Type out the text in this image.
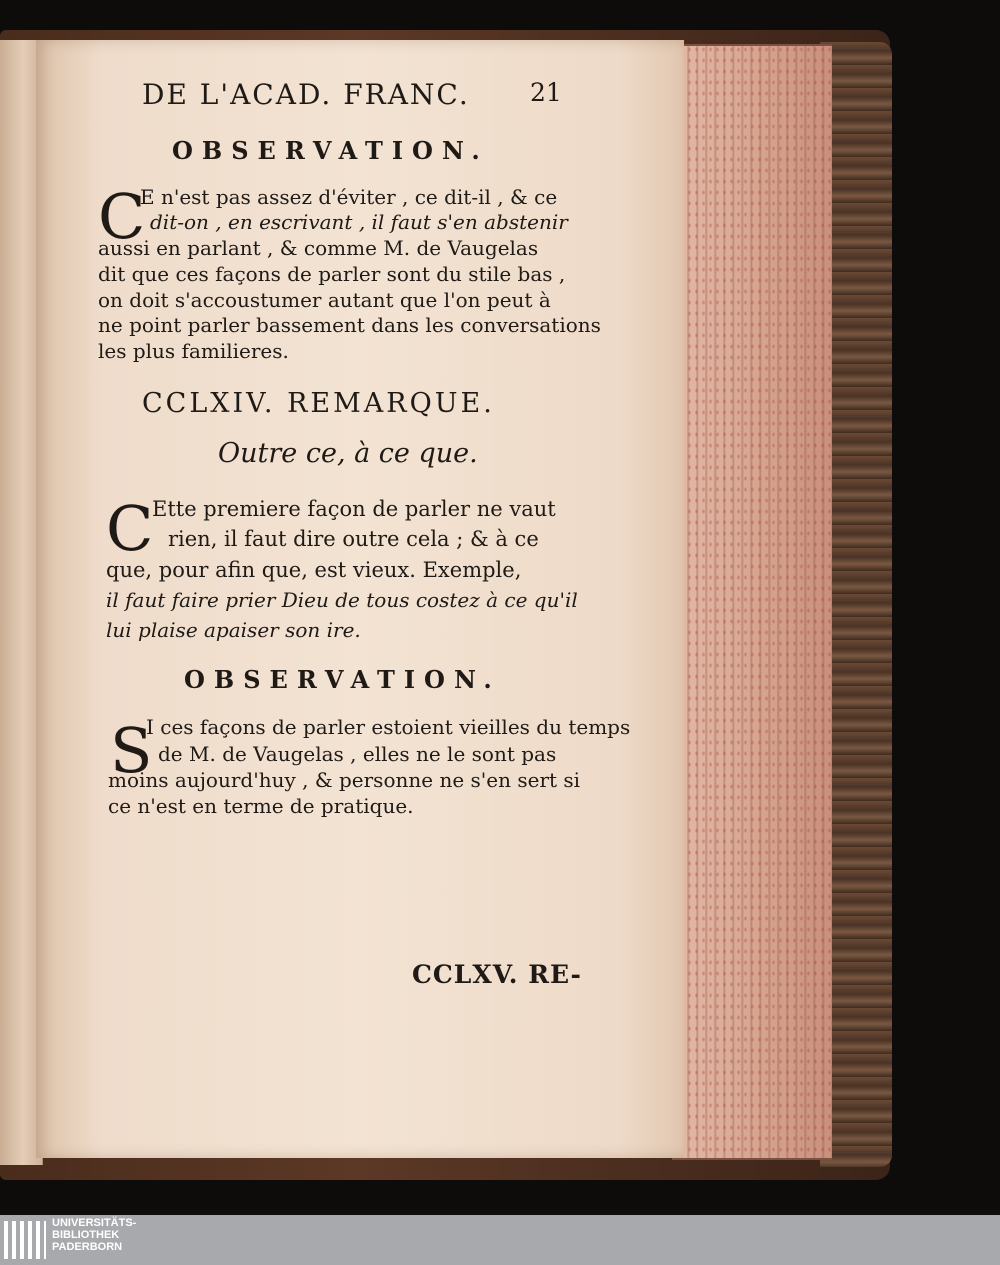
DE L'ACAD. FRANC. 21
OBSERVATION.
C
E n'est pas assez d'éviter , ce dit-il , & ce
dit-on , en escrivant , il faut s'en abstenir
aussi en parlant , & comme M. de Vaugelas
dit que ces façons de parler sont du stile bas ,
on doit s'accoustumer autant que l'on peut à
ne point parler bassement dans les conversations
les plus familieres.
CCLXIV. REMARQUE.
Outre ce, à ce que.
C
Ette premiere façon de parler ne vaut
rien, il faut dire outre cela ; & à ce
que, pour afin que, est vieux. Exemple,
il faut faire prier Dieu de tous costez à ce qu'il
lui plaise apaiser son ire.
OBSERVATION.
S
I ces façons de parler estoient vieilles du temps
de M. de Vaugelas , elles ne le sont pas
moins aujourd'huy , & personne ne s'en sert si
ce n'est en terme de pratique.
CCLXV. RE-
UNIVERSITÄTS-
BIBLIOTHEK
PADERBORN
